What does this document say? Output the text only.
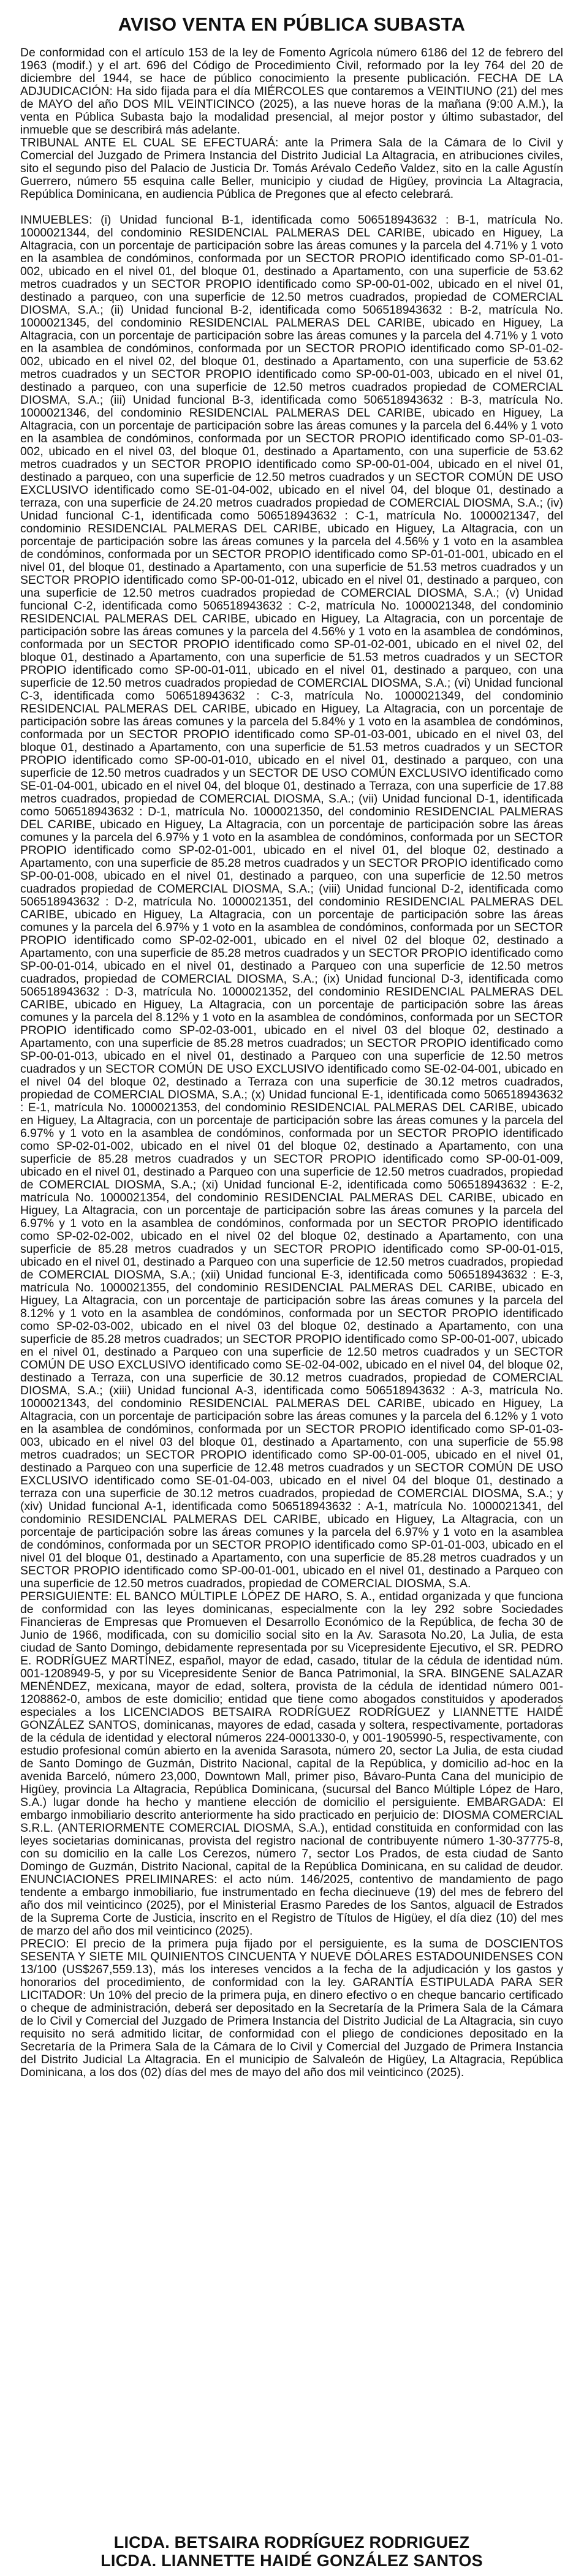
AVISO VENTA EN PÚBLICA SUBASTA

De conformidad con el artículo 153 de la ley de Fomento Agrícola número 6186 del 12 de febrero del 1963 (modif.) y el art. 696 del Código de Procedimiento Civil, reformado por la ley 764 del 20 de diciembre del 1944, se hace de público conocimiento la presente publicación. FECHA DE LA ADJUDICACIÓN: Ha sido fijada para el día MIÉRCOLES que contaremos a VEINTIUNO (21) del mes de MAYO del año DOS MIL VEINTICINCO (2025), a las nueve horas de la mañana (9:00 A.M.), la venta en Pública Subasta bajo la modalidad presencial, al mejor postor y último subastador, del inmueble que se describirá más adelante.

TRIBUNAL ANTE EL CUAL SE EFECTUARÁ: ante la Primera Sala de la Cámara de lo Civil y Comercial del Juzgado de Primera Instancia del Distrito Judicial La Altagracia, en atribuciones civiles, sito el segundo piso del Palacio de Justicia Dr. Tomás Arévalo Cedeño Valdez, sito en la calle Agustín Guerrero, número 55 esquina calle Beller, municipio y ciudad de Higüey, provincia La Altagracia, República Dominicana, en audiencia Pública de Pregones que al efecto celebrará.

INMUEBLES: (i) Unidad funcional B-1, identificada como 506518943632 : B-1, matrícula No. 1000021344, del condominio RESIDENCIAL PALMERAS DEL CARIBE, ubicado en Higuey, La Altagracia, con un porcentaje de participación sobre las áreas comunes y la parcela del 4.71% y 1 voto en la asamblea de condóminos, conformada por un SECTOR PROPIO identificado como SP-01-01-002, ubicado en el nivel 01, del bloque 01, destinado a Apartamento, con una superficie de 53.62 metros cuadrados y un SECTOR PROPIO identificado como SP-00-01-002, ubicado en el nivel 01, destinado a parqueo, con una superficie de 12.50 metros cuadrados, propiedad de COMERCIAL DIOSMA, S.A.; (ii) Unidad funcional B-2, identificada como 506518943632 : B-2, matrícula No. 1000021345, del condominio RESIDENCIAL PALMERAS DEL CARIBE, ubicado en Higuey, La Altagracia, con un porcentaje de participación sobre las áreas comunes y la parcela del 4.71% y 1 voto en la asamblea de condóminos, conformada por un SECTOR PROPIO identificado como SP-01-02-002, ubicado en el nivel 02, del bloque 01, destinado a Apartamento, con una superficie de 53.62 metros cuadrados y un SECTOR PROPIO identificado como SP-00-01-003, ubicado en el nivel 01, destinado a parqueo, con una superficie de 12.50 metros cuadrados propiedad de COMERCIAL DIOSMA, S.A.; (iii) Unidad funcional B-3, identificada como 506518943632 : B-3, matrícula No. 1000021346, del condominio RESIDENCIAL PALMERAS DEL CARIBE, ubicado en Higuey, La Altagracia, con un porcentaje de participación sobre las áreas comunes y la parcela del 6.44% y 1 voto en la asamblea de condóminos, conformada por un SECTOR PROPIO identificado como SP-01-03-002, ubicado en el nivel 03, del bloque 01, destinado a Apartamento, con una superficie de 53.62 metros cuadrados y un SECTOR PROPIO identificado como SP-00-01-004, ubicado en el nivel 01, destinado a parqueo, con una superficie de 12.50 metros cuadrados y un SECTOR COMÚN DE USO EXCLUSIVO identificado como SE-01-04-002, ubicado en el nivel 04, del bloque 01, destinado a terraza, con una superficie de 24.20 metros cuadrados propiedad de COMERCIAL DIOSMA, S.A.; (iv) Unidad funcional C-1, identificada como 506518943632 : C-1, matrícula No. 1000021347, del condominio RESIDENCIAL PALMERAS DEL CARIBE, ubicado en Higuey, La Altagracia, con un porcentaje de participación sobre las áreas comunes y la parcela del 4.56% y 1 voto en la asamblea de condóminos, conformada por un SECTOR PROPIO identificado como SP-01-01-001, ubicado en el nivel 01, del bloque 01, destinado a Apartamento, con una superficie de 51.53 metros cuadrados y un SECTOR PROPIO identificado como SP-00-01-012, ubicado en el nivel 01, destinado a parqueo, con una superficie de 12.50 metros cuadrados propiedad de COMERCIAL DIOSMA, S.A.; (v) Unidad funcional C-2, identificada como 506518943632 : C-2, matrícula No. 1000021348, del condominio RESIDENCIAL PALMERAS DEL CARIBE, ubicado en Higuey, La Altagracia, con un porcentaje de participación sobre las áreas comunes y la parcela del 4.56% y 1 voto en la asamblea de condóminos, conformada por un SECTOR PROPIO identificado como SP-01-02-001, ubicado en el nivel 02, del bloque 01, destinado a Apartamento, con una superficie de 51.53 metros cuadrados y un SECTOR PROPIO identificado como SP-00-01-011, ubicado en el nivel 01, destinado a parqueo, con una superficie de 12.50 metros cuadrados propiedad de COMERCIAL DIOSMA, S.A.; (vi) Unidad funcional C-3, identificada como 506518943632 : C-3, matrícula No. 1000021349, del condominio RESIDENCIAL PALMERAS DEL CARIBE, ubicado en Higuey, La Altagracia, con un porcentaje de participación sobre las áreas comunes y la parcela del 5.84% y 1 voto en la asamblea de condóminos, conformada por un SECTOR PROPIO identificado como SP-01-03-001, ubicado en el nivel 03, del bloque 01, destinado a Apartamento, con una superficie de 51.53 metros cuadrados y un SECTOR PROPIO identificado como SP-00-01-010, ubicado en el nivel 01, destinado a parqueo, con una superficie de 12.50 metros cuadrados y un SECTOR DE USO COMÚN EXCLUSIVO identificado como SE-01-04-001, ubicado en el nivel 04, del bloque 01, destinado a Terraza, con una superficie de 17.88 metros cuadrados, propiedad de COMERCIAL DIOSMA, S.A.; (vii) Unidad funcional D-1, identificada como 506518943632 : D-1, matrícula No. 1000021350, del condominio RESIDENCIAL PALMERAS DEL CARIBE, ubicado en Higuey, La Altagracia, con un porcentaje de participación sobre las áreas comunes y la parcela del 6.97% y 1 voto en la asamblea de condóminos, conformada por un SECTOR PROPIO identificado como SP-02-01-001, ubicado en el nivel 01, del bloque 02, destinado a Apartamento, con una superficie de 85.28 metros cuadrados y un SECTOR PROPIO identificado como SP-00-01-008, ubicado en el nivel 01, destinado a parqueo, con una superficie de 12.50 metros cuadrados propiedad de COMERCIAL DIOSMA, S.A.; (viii) Unidad funcional D-2, identificada como 506518943632 : D-2, matrícula No. 1000021351, del condominio RESIDENCIAL PALMERAS DEL CARIBE, ubicado en Higuey, La Altagracia, con un porcentaje de participación sobre las áreas comunes y la parcela del 6.97% y 1 voto en la asamblea de condóminos, conformada por un SECTOR PROPIO identificado como SP-02-02-001, ubicado en el nivel 02 del bloque 02, destinado a Apartamento, con una superficie de 85.28 metros cuadrados y un SECTOR PROPIO identificado como SP-00-01-014, ubicado en el nivel 01, destinado a Parqueo con una superficie de 12.50 metros cuadrados, propiedad de COMERCIAL DIOSMA, S.A.; (ix) Unidad funcional D-3, identificada como 506518943632 : D-3, matrícula No. 1000021352, del condominio RESIDENCIAL PALMERAS DEL CARIBE, ubicado en Higuey, La Altagracia, con un porcentaje de participación sobre las áreas comunes y la parcela del 8.12% y 1 voto en la asamblea de condóminos, conformada por un SECTOR PROPIO identificado como SP-02-03-001, ubicado en el nivel 03 del bloque 02, destinado a Apartamento, con una superficie de 85.28 metros cuadrados; un SECTOR PROPIO identificado como SP-00-01-013, ubicado en el nivel 01, destinado a Parqueo con una superficie de 12.50 metros cuadrados y un SECTOR COMÚN DE USO EXCLUSIVO identificado como SE-02-04-001, ubicado en el nivel 04 del bloque 02, destinado a Terraza con una superficie de 30.12 metros cuadrados, propiedad de COMERCIAL DIOSMA, S.A.; (x) Unidad funcional E-1, identificada como 506518943632 : E-1, matrícula No. 1000021353, del condominio RESIDENCIAL PALMERAS DEL CARIBE, ubicado en Higuey, La Altagracia, con un porcentaje de participación sobre las áreas comunes y la parcela del 6.97% y 1 voto en la asamblea de condóminos, conformada por un SECTOR PROPIO identificado como SP-02-01-002, ubicado en el nivel 01 del bloque 02, destinado a Apartamento, con una superficie de 85.28 metros cuadrados y un SECTOR PROPIO identificado como SP-00-01-009, ubicado en el nivel 01, destinado a Parqueo con una superficie de 12.50 metros cuadrados, propiedad de COMERCIAL DIOSMA, S.A.; (xi) Unidad funcional E-2, identificada como 506518943632 : E-2, matrícula No. 1000021354, del condominio RESIDENCIAL PALMERAS DEL CARIBE, ubicado en Higuey, La Altagracia, con un porcentaje de participación sobre las áreas comunes y la parcela del 6.97% y 1 voto en la asamblea de condóminos, conformada por un SECTOR PROPIO identificado como SP-02-02-002, ubicado en el nivel 02 del bloque 02, destinado a Apartamento, con una superficie de 85.28 metros cuadrados y un SECTOR PROPIO identificado como SP-00-01-015, ubicado en el nivel 01, destinado a Parqueo con una superficie de 12.50 metros cuadrados, propiedad de COMERCIAL DIOSMA, S.A.; (xii) Unidad funcional E-3, identificada como 506518943632 : E-3, matrícula No. 1000021355, del condominio RESIDENCIAL PALMERAS DEL CARIBE, ubicado en Higuey, La Altagracia, con un porcentaje de participación sobre las áreas comunes y la parcela del 8.12% y 1 voto en la asamblea de condóminos, conformada por un SECTOR PROPIO identificado como SP-02-03-002, ubicado en el nivel 03 del bloque 02, destinado a Apartamento, con una superficie de 85.28 metros cuadrados; un SECTOR PROPIO identificado como SP-00-01-007, ubicado en el nivel 01, destinado a Parqueo con una superficie de 12.50 metros cuadrados y un SECTOR COMÚN DE USO EXCLUSIVO identificado como SE-02-04-002, ubicado en el nivel 04, del bloque 02, destinado a Terraza, con una superficie de 30.12 metros cuadrados, propiedad de COMERCIAL DIOSMA, S.A.; (xiii) Unidad funcional A-3, identificada como 506518943632 : A-3, matrícula No. 1000021343, del condominio RESIDENCIAL PALMERAS DEL CARIBE, ubicado en Higuey, La Altagracia, con un porcentaje de participación sobre las áreas comunes y la parcela del 6.12% y 1 voto en la asamblea de condóminos, conformada por un SECTOR PROPIO identificado como SP-01-03-003, ubicado en el nivel 03 del bloque 01, destinado a Apartamento, con una superficie de 55.98 metros cuadrados; un SECTOR PROPIO identificado como SP-00-01-005, ubicado en el nivel 01, destinado a Parqueo con una superficie de 12.48 metros cuadrados y un SECTOR COMÚN DE USO EXCLUSIVO identificado como SE-01-04-003, ubicado en el nivel 04 del bloque 01, destinado a terraza con una superficie de 30.12 metros cuadrados, propiedad de COMERCIAL DIOSMA, S.A.; y (xiv) Unidad funcional A-1, identificada como 506518943632 : A-1, matrícula No. 1000021341, del condominio RESIDENCIAL PALMERAS DEL CARIBE, ubicado en Higuey, La Altagracia, con un porcentaje de participación sobre las áreas comunes y la parcela del 6.97% y 1 voto en la asamblea de condóminos, conformada por un SECTOR PROPIO identificado como SP-01-01-003, ubicado en el nivel 01 del bloque 01, destinado a Apartamento, con una superficie de 85.28 metros cuadrados y un SECTOR PROPIO identificado como SP-00-01-001, ubicado en el nivel 01, destinado a Parqueo con una superficie de 12.50 metros cuadrados, propiedad de COMERCIAL DIOSMA, S.A.

PERSIGUIENTE: EL BANCO MÚLTIPLE LÓPEZ DE HARO, S. A., entidad organizada y que funciona de conformidad con las leyes dominicanas, especialmente con la ley 292 sobre Sociedades Financieras de Empresas que Promueven el Desarrollo Económico de la República, de fecha 30 de Junio de 1966, modificada, con su domicilio social sito en la Av. Sarasota No.20, La Julia, de esta ciudad de Santo Domingo, debidamente representada por su Vicepresidente Ejecutivo, el SR. PEDRO E. RODRÍGUEZ MARTÍNEZ, español, mayor de edad, casado, titular de la cédula de identidad núm. 001-1208949-5, y por su Vicepresidente Senior de Banca Patrimonial, la SRA. BINGENE SALAZAR MENÉNDEZ, mexicana, mayor de edad, soltera, provista de la cédula de identidad número 001-1208862-0, ambos de este domicilio; entidad que tiene como abogados constituidos y apoderados especiales a los LICENCIADOS BETSAIRA RODRÍGUEZ RODRÍGUEZ y LIANNETTE HAIDÉ GONZÁLEZ SANTOS, dominicanas, mayores de edad, casada y soltera, respectivamente, portadoras de la cédula de identidad y electoral números 224-0001330-0, y 001-1905990-5, respectivamente, con estudio profesional común abierto en la avenida Sarasota, número 20, sector La Julia, de esta ciudad de Santo Domingo de Guzmán, Distrito Nacional, capital de la República, y domicilio ad-hoc en la avenida Barceló, número 23,000, Downtown Mall, primer piso, Bávaro-Punta Cana del municipio de Higüey, provincia La Altagracia, República Dominicana, (sucursal del Banco Múltiple López de Haro, S.A.) lugar donde ha hecho y mantiene elección de domicilio el persiguiente. EMBARGADA: El embargo inmobiliario descrito anteriormente ha sido practicado en perjuicio de: DIOSMA COMERCIAL S.R.L. (ANTERIORMENTE COMERCIAL DIOSMA, S.A.), entidad constituida en conformidad con las leyes societarias dominicanas, provista del registro nacional de contribuyente número 1-30-37775-8, con su domicilio en la calle Los Cerezos, número 7, sector Los Prados, de esta ciudad de Santo Domingo de Guzmán, Distrito Nacional, capital de la República Dominicana, en su calidad de deudor. ENUNCIACIONES PRELIMINARES: el acto núm. 146/2025, contentivo de mandamiento de pago tendente a embargo inmobiliario, fue instrumentado en fecha diecinueve (19) del mes de febrero del año dos mil veinticinco (2025), por el Ministerial Erasmo Paredes de los Santos, alguacil de Estrados de la Suprema Corte de Justicia, inscrito en el Registro de Títulos de Higüey, el día diez (10) del mes de marzo del año dos mil veinticinco (2025).

PRECIO: El precio de la primera puja fijado por el persiguiente, es la suma de DOSCIENTOS SESENTA Y SIETE MIL QUINIENTOS CINCUENTA Y NUEVE DÓLARES ESTADOUNIDENSES CON 13/100 (US$267,559.13), más los intereses vencidos a la fecha de la adjudicación y los gastos y honorarios del procedimiento, de conformidad con la ley. GARANTÍA ESTIPULADA PARA SER LICITADOR: Un 10% del precio de la primera puja, en dinero efectivo o en cheque bancario certificado o cheque de administración, deberá ser depositado en la Secretaría de la Primera Sala de la Cámara de lo Civil y Comercial del Juzgado de Primera Instancia del Distrito Judicial de La Altagracia, sin cuyo requisito no será admitido licitar, de conformidad con el pliego de condiciones depositado en la Secretaría de la Primera Sala de la Cámara de lo Civil y Comercial del Juzgado de Primera Instancia del Distrito Judicial La Altagracia. En el municipio de Salvaleón de Higüey, La Altagracia, República Dominicana, a los dos (02) días del mes de mayo del año dos mil veinticinco (2025).

LICDA. BETSAIRA RODRÍGUEZ RODRIGUEZ

LICDA. LIANNETTE HAIDÉ GONZÁLEZ SANTOS
